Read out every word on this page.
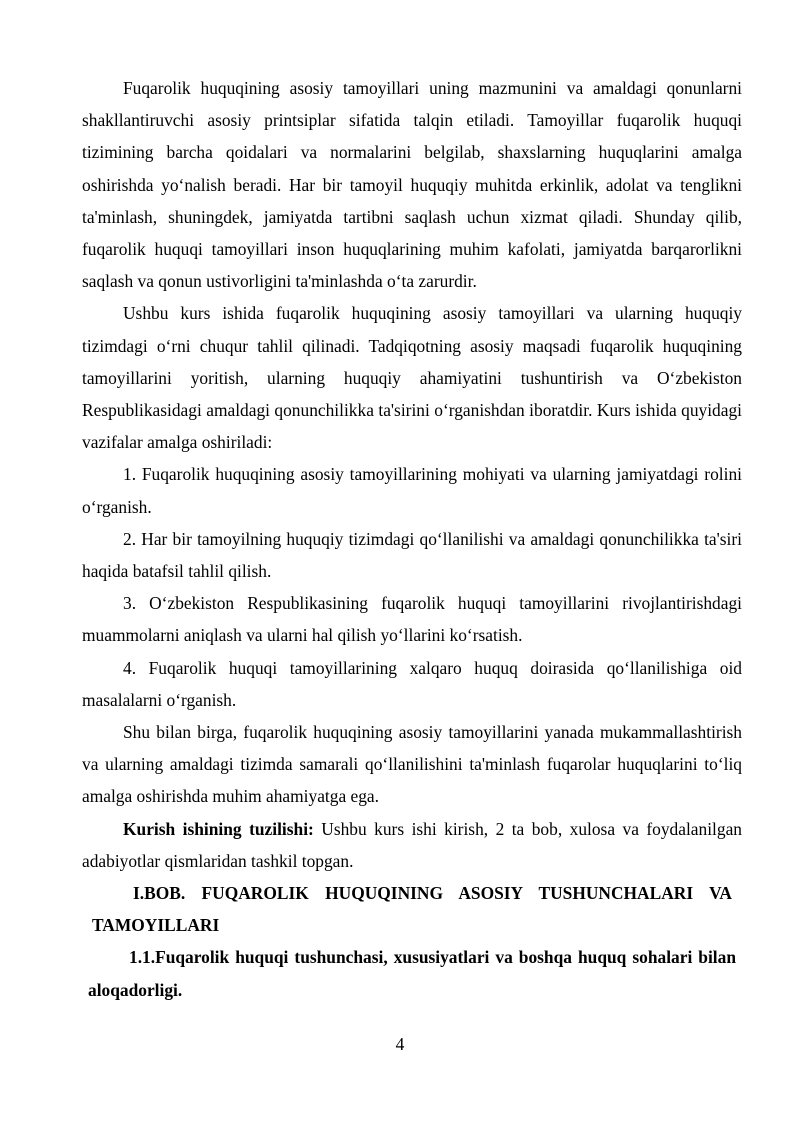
Fuqarolik huquqining asosiy tamoyillari uning mazmunini va amaldagi qonunlarni shakllantiruvchi asosiy printsiplar sifatida talqin etiladi. Tamoyillar fuqarolik huquqi tizimining barcha qoidalari va normalarini belgilab, shaxslarning huquqlarini amalga oshirishda yo‘nalish beradi. Har bir tamoyil huquqiy muhitda erkinlik, adolat va tenglikni ta'minlash, shuningdek, jamiyatda tartibni saqlash uchun xizmat qiladi. Shunday qilib, fuqarolik huquqi tamoyillari inson huquqlarining muhim kafolati, jamiyatda barqarorlikni saqlash va qonun ustivorligini ta'minlashda o‘ta zarurdir.

Ushbu kurs ishida fuqarolik huquqining asosiy tamoyillari va ularning huquqiy tizimdagi o‘rni chuqur tahlil qilinadi. Tadqiqotning asosiy maqsadi fuqarolik huquqining tamoyillarini yoritish, ularning huquqiy ahamiyatini tushuntirish va O‘zbekiston Respublikasidagi amaldagi qonunchilikka ta'sirini o‘rganishdan iboratdir. Kurs ishida quyidagi vazifalar amalga oshiriladi:

1. Fuqarolik huquqining asosiy tamoyillarining mohiyati va ularning jamiyatdagi rolini o‘rganish.

2. Har bir tamoyilning huquqiy tizimdagi qo‘llanilishi va amaldagi qonunchilikka ta'siri haqida batafsil tahlil qilish.

3. O‘zbekiston Respublikasining fuqarolik huquqi tamoyillarini rivojlantirishdagi muammolarni aniqlash va ularni hal qilish yo‘llarini ko‘rsatish.

4. Fuqarolik huquqi tamoyillarining xalqaro huquq doirasida qo‘llanilishiga oid masalalarni o‘rganish.

Shu bilan birga, fuqarolik huquqining asosiy tamoyillarini yanada mukammallashtirish va ularning amaldagi tizimda samarali qo‘llanilishini ta'minlash fuqarolar huquqlarini to‘liq amalga oshirishda muhim ahamiyatga ega.

Kurish ishining tuzilishi: Ushbu kurs ishi kirish, 2 ta bob, xulosa va foydalanilgan adabiyotlar qismlaridan tashkil topgan.

I.BOB. FUQAROLIK HUQUQINING ASOSIY TUSHUNCHALARI VA TAMOYILLARI

1.1.Fuqarolik huquqi tushunchasi, xususiyatlari va boshqa huquq sohalari bilan aloqadorligi.

4
